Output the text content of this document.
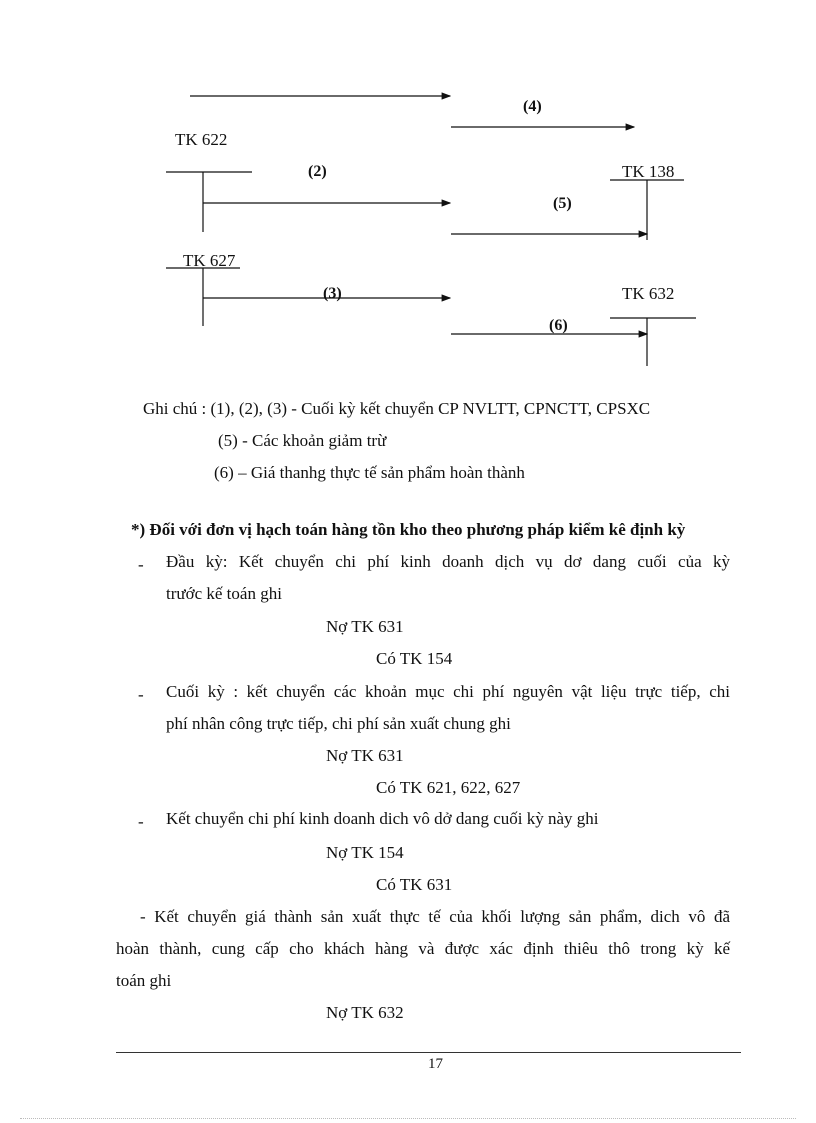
TK 622
TK 627
TK 138
TK 632
(4)
(2)
(5)
(3)
(6)
Ghi chú : (1), (2), (3) - Cuối kỳ kết chuyển CP NVLTT, CPNCTT, CPSXC
(5) - Các khoản giảm trừ
(6) – Giá thanhg thực tế sản phẩm hoàn thành
*) Đối với đơn vị hạch toán hàng tồn kho theo phương pháp kiểm kê định kỳ
- Đầu kỳ: Kết chuyển chi phí kinh doanh dịch vụ dơ dang cuối của kỳ
trước kế toán ghi
Nợ TK 631
Có TK 154
- Cuối kỳ : kết chuyển các khoản mục chi phí nguyên vật liệu trực tiếp, chi
phí nhân công trực tiếp, chi phí sản xuất chung ghi
Nợ TK 631
Có TK 621, 622, 627
- Kết chuyển chi phí kinh doanh dich vô dở dang cuối kỳ này ghi
Nợ TK 154
Có TK 631
- Kết chuyển giá thành sản xuất thực tế của khối lượng sản phẩm, dich vô đã
hoàn thành, cung cấp cho khách hàng và được xác định thiêu thô trong kỳ kế
toán ghi
Nợ TK 632
17
